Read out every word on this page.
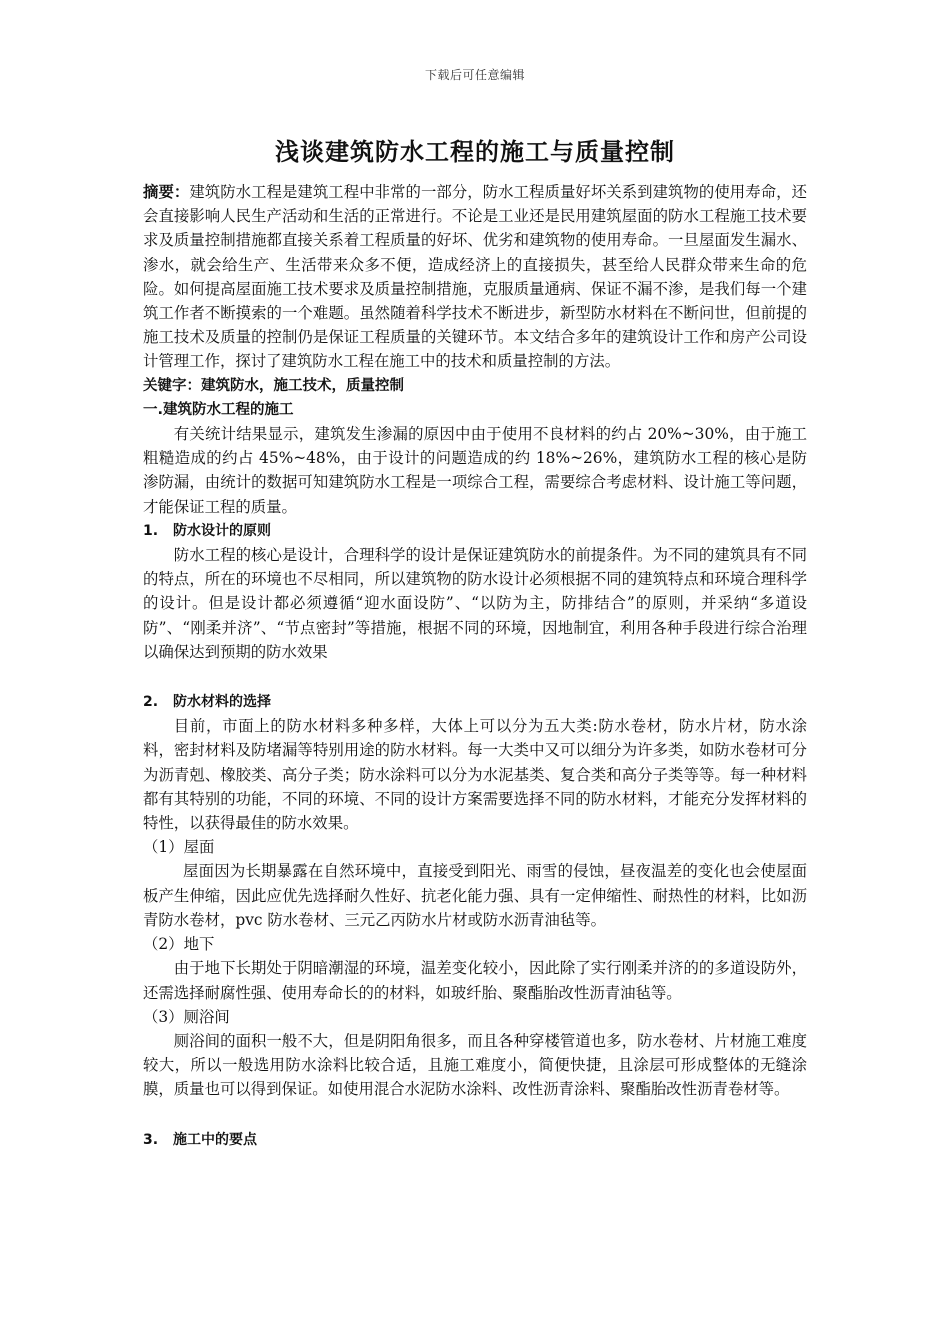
下载后可任意编辑
浅谈建筑防水工程的施工与质量控制

摘要：建筑防水工程是建筑工程中非常的一部分，防水工程质量好坏关系到建筑物的使用寿命，还会直接影响人民生产活动和生活的正常进行。不论是工业还是民用建筑屋面的防水工程施工技术要求及质量控制措施都直接关系着工程质量的好坏、优劣和建筑物的使用寿命。一旦屋面发生漏水、渗水，就会给生产、生活带来众多不便，造成经济上的直接损失，甚至给人民群众带来生命的危险。如何提高屋面施工技术要求及质量控制措施，克服质量通病、保证不漏不渗，是我们每一个建筑工作者不断摸索的一个难题。虽然随着科学技术不断进步，新型防水材料在不断问世，但前提的施工技术及质量的控制仍是保证工程质量的关键环节。本文结合多年的建筑设计工作和房产公司设计管理工作，探讨了建筑防水工程在施工中的技术和质量控制的方法。

关键字：建筑防水，施工技术，质量控制

一.建筑防水工程的施工

有关统计结果显示，建筑发生渗漏的原因中由于使用不良材料的约占 20%~30%，由于施工粗糙造成的约占 45%~48%，由于设计的问题造成的约 18%~26%，建筑防水工程的核心是防渗防漏，由统计的数据可知建筑防水工程是一项综合工程，需要综合考虑材料、设计施工等问题，才能保证工程的质量。

1. 防水设计的原则

防水工程的核心是设计，合理科学的设计是保证建筑防水的前提条件。为不同的建筑具有不同的特点，所在的环境也不尽相同，所以建筑物的防水设计必须根据不同的建筑特点和环境合理科学的设计。但是设计都必须遵循“迎水面设防”、“以防为主，防排结合”的原则，并采纳“多道设防”、“刚柔并济”、“节点密封”等措施，根据不同的环境，因地制宜，利用各种手段进行综合治理以确保达到预期的防水效果

2. 防水材料的选择

目前，市面上的防水材料多种多样，大体上可以分为五大类:防水卷材，防水片材，防水涂料，密封材料及防堵漏等特别用途的防水材料。每一大类中又可以细分为许多类，如防水卷材可分为沥青剋、橡胶类、高分子类；防水涂料可以分为水泥基类、复合类和高分子类等等。每一种材料都有其特别的功能，不同的环境、不同的设计方案需要选择不同的防水材料，才能充分发挥材料的特性，以获得最佳的防水效果。

（1）屋面

屋面因为长期暴露在自然环境中，直接受到阳光、雨雪的侵蚀，昼夜温差的变化也会使屋面板产生伸缩，因此应优先选择耐久性好、抗老化能力强、具有一定伸缩性、耐热性的材料，比如沥青防水卷材，pvc 防水卷材、三元乙丙防水片材或防水沥青油毡等。

（2）地下

由于地下长期处于阴暗潮湿的环境，温差变化较小，因此除了实行刚柔并济的的多道设防外，还需选择耐腐性强、使用寿命长的的材料，如玻纤胎、聚酯胎改性沥青油毡等。

（3）厕浴间

厕浴间的面积一般不大，但是阴阳角很多，而且各种穿楼管道也多，防水卷材、片材施工难度较大，所以一般选用防水涂料比较合适，且施工难度小，简便快捷，且涂层可形成整体的无缝涂膜，质量也可以得到保证。如使用混合水泥防水涂料、改性沥青涂料、聚酯胎改性沥青卷材等。

3. 施工中的要点
